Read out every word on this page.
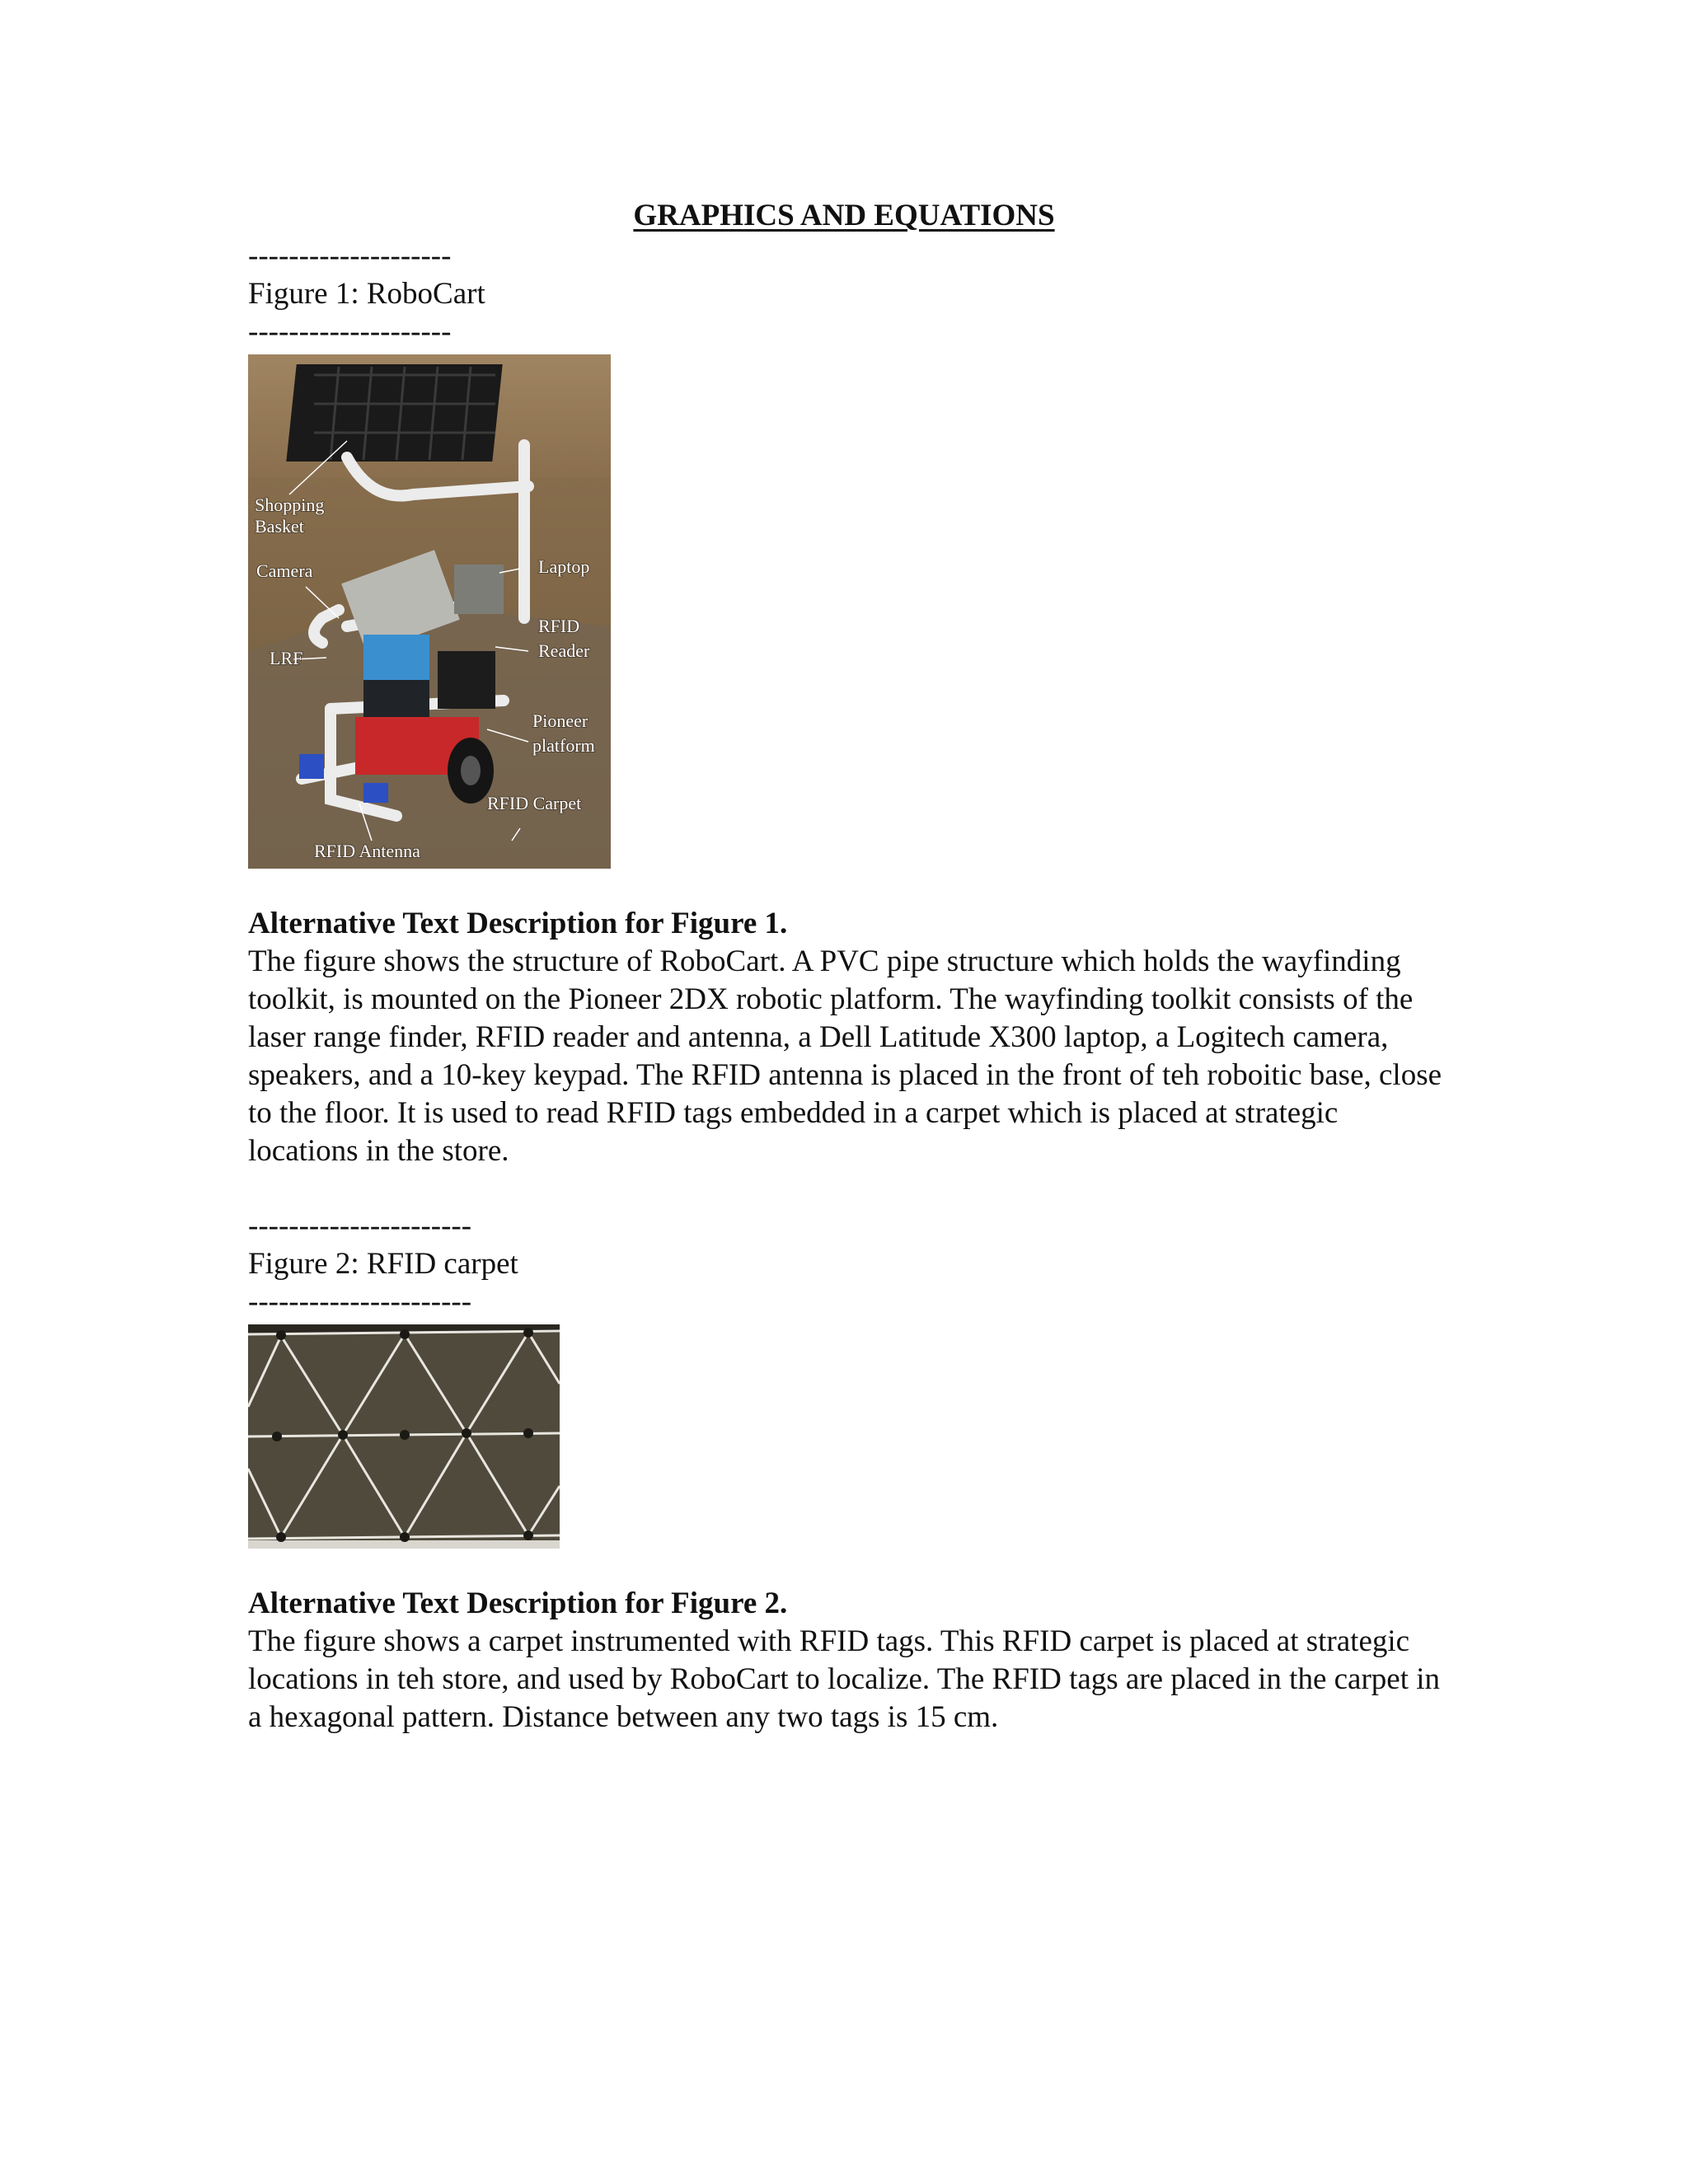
GRAPHICS AND EQUATIONS

--------------------

Figure 1: RoboCart

--------------------

Shopping
Basket
Camera	Laptop
LRF
RFID
Reader
Pioneer
platform
RFID Carpet
RFID Antenna

Alternative Text Description for Figure 1.

The figure shows the structure of RoboCart. A PVC pipe structure which holds the wayfinding toolkit, is mounted on the Pioneer 2DX robotic platform. The wayfinding toolkit consists of the laser range finder, RFID reader and antenna, a Dell Latitude X300 laptop, a Logitech camera, speakers, and a 10-key keypad. The RFID antenna is placed in the front of teh roboitic base, close to the floor. It is used to read RFID tags embedded in a carpet which is placed at strategic locations in the store.

----------------------

Figure 2: RFID carpet

----------------------

Alternative Text Description for Figure 2.

The figure shows a carpet instrumented with RFID tags. This RFID carpet is placed at strategic locations in teh store, and used by RoboCart to localize. The RFID tags are placed in the carpet in a hexagonal pattern. Distance between any two tags is 15 cm.
